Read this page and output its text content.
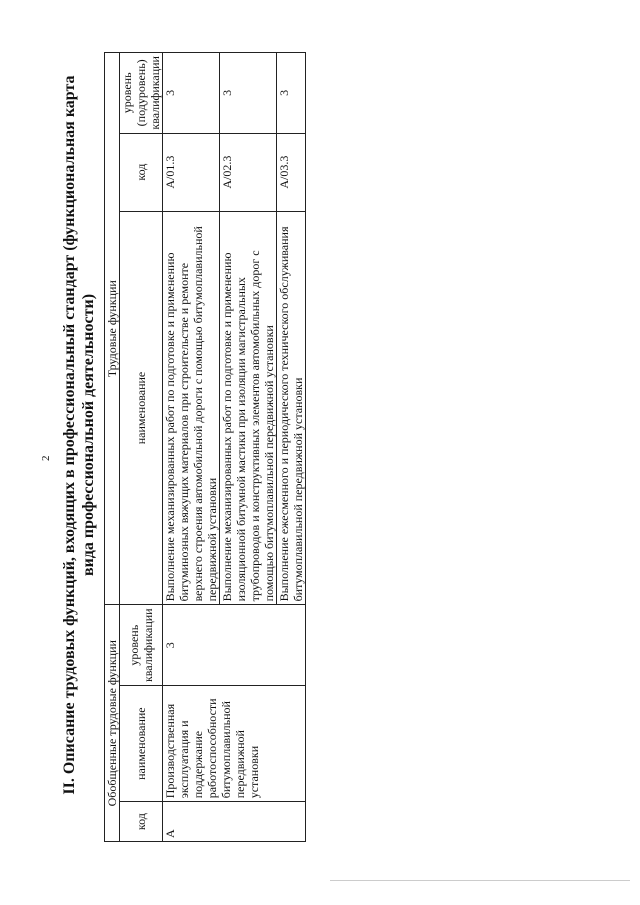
2 II. Описание трудовых функций, входящих в профессиональный стандарт (функциональная карта вида профессиональной деятельности)
Обобщенные трудовые функции			Трудовые функции		
код	наименование	уровень квалификации	наименование	код	уровень (подуровень) квалификации
A	Производственная эксплуатация и поддержание работоспособности битумоплавильной передвижной установки	3	Выполнение механизированных работ по подготовке и применению битуминозных вяжущих материалов при строительстве и ремонте верхнего строения автомобильной дороги с помощью битумоплавильной передвижной установки	A/01.3	3
			Выполнение механизированных работ по подготовке и применению изоляционной битумной мастики при изоляции магистральных трубопроводов и конструктивных элементов автомобильных дорог с помощью битумоплавильной передвижной установки	A/02.3	3
			Выполнение ежесменного и периодического технического обслуживания битумоплавильной передвижной установки	A/03.3	3
